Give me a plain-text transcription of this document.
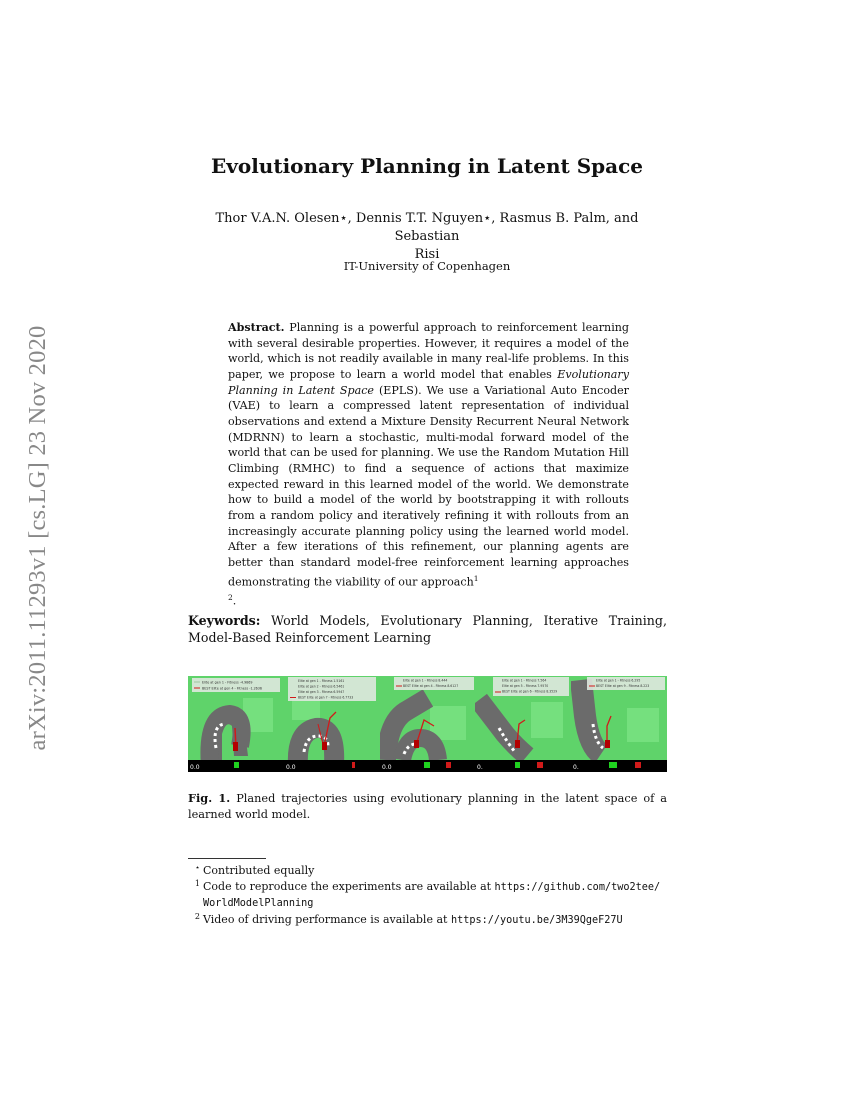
arXiv:2011.11293v1 [cs.LG] 23 Nov 2020
Evolutionary Planning in Latent Space
Thor V.A.N. Olesen⋆, Dennis T.T. Nguyen⋆, Rasmus B. Palm, and Sebastian
Risi
IT-University of Copenhagen
Abstract. Planning is a powerful approach to reinforcement learning with several desirable properties. However, it requires a model of the world, which is not readily available in many real-life problems. In this paper, we propose to learn a world model that enables Evolutionary Planning in Latent Space (EPLS). We use a Variational Auto Encoder (VAE) to learn a compressed latent representation of individual observations and extend a Mixture Density Recurrent Neural Network (MDRNN) to learn a stochastic, multi-modal forward model of the world that can be used for planning. We use the Random Mutation Hill Climbing (RMHC) to find a sequence of actions that maximize expected reward in this learned model of the world. We demonstrate how to build a model of the world by bootstrapping it with rollouts from a random policy and iteratively refining it with rollouts from an increasingly accurate planning policy using the learned world model. After a few iterations of this refinement, our planning agents are better than standard model-free reinforcement learning approaches demonstrating the viability of our approach$^1$
$^2$.
Keywords: World Models, Evolutionary Planning, Iterative Training, Model-Based Reinforcement Learning
Elite at gen 1 - Fitness -4.9869
BEST Elite at gen 4 - Fitness -1.2636
0.0
Elite at gen 1 - Fitness 1.5161
Elite at gen 2 - Fitness 6.5461
Elite at gen 3 - Fitness 6.5947
BEST Elite at gen 7 - Fitness 6.7733
0.0
Elite at gen 1 - Fitness 8.444
BEST Elite at gen 4 - Fitness 8.6127
0.0
Elite at gen 1 - Fitness 7.564
Elite at gen 5 - Fitness 7.9570
BEST Elite at gen 6 - Fitness 8.3529
0.
Elite at gen 1 - Fitness 6.295
BEST Elite at gen 9 - Fitness 8.223
0.
Fig. 1. Planed trajectories using evolutionary planning in the latent space of a learned world model.
⋆ Contributed equally
1 Code to reproduce the experiments are available at https://github.com/two2tee/
WorldModelPlanning
2 Video of driving performance is available at https://youtu.be/3M39QgeF27U
